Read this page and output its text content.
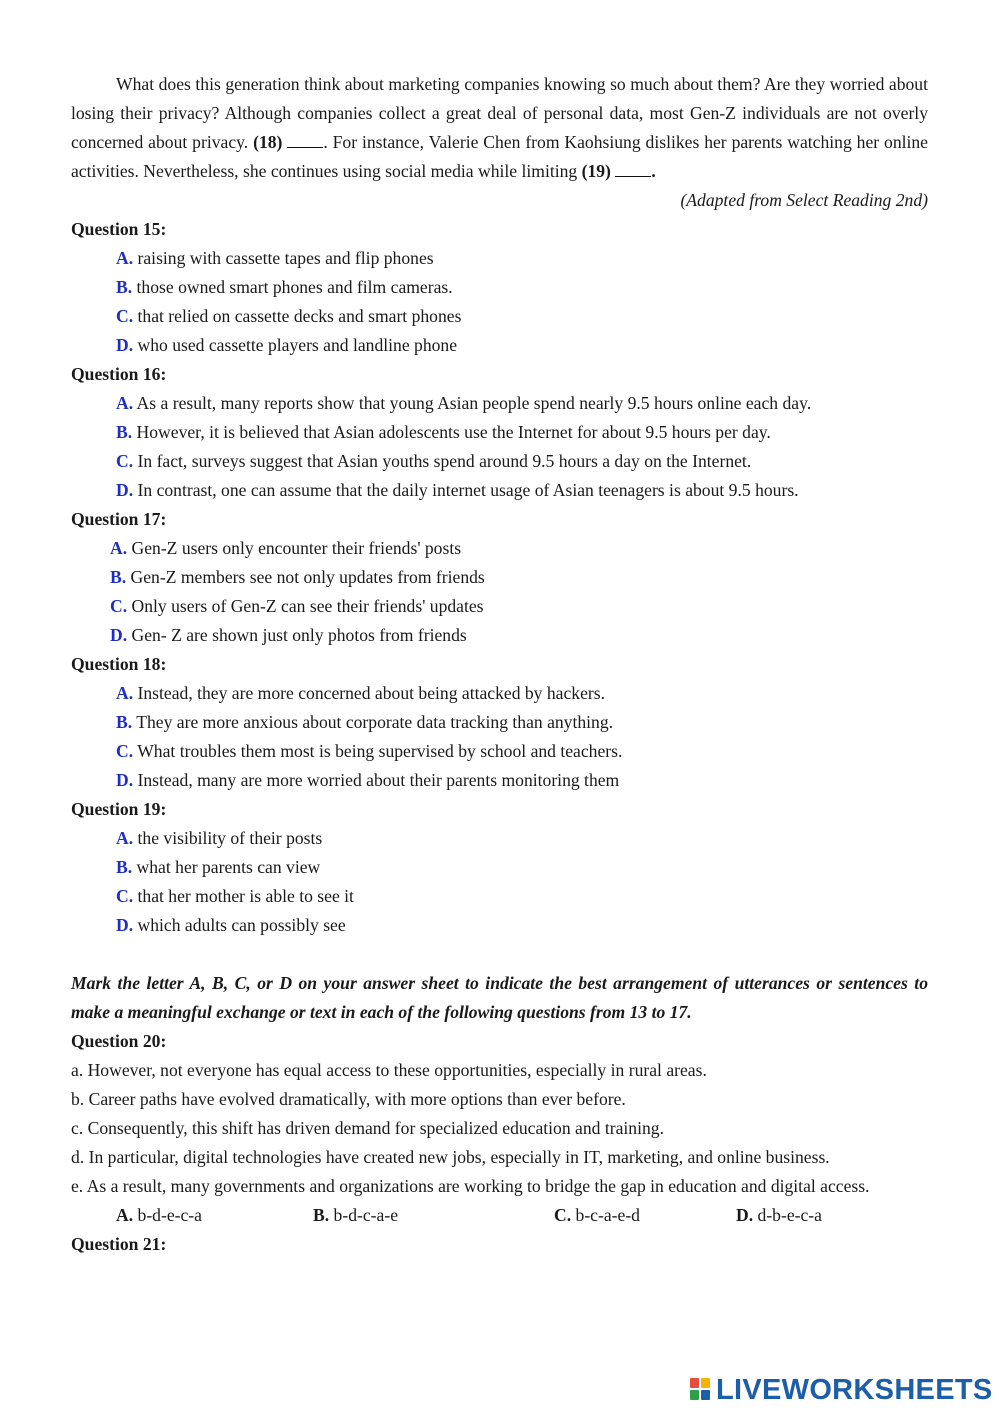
What does this generation think about marketing companies knowing so much about them? Are they worried about losing their privacy? Although companies collect a great deal of personal data, most Gen-Z individuals are not overly concerned about privacy. (18) . For instance, Valerie Chen from Kaohsiung dislikes her parents watching her online activities. Nevertheless, she continues using social media while limiting (19) .

(Adapted from Select Reading 2nd)
Question 15:
A. raising with cassette tapes and flip phones
B. those owned smart phones and film cameras.
C. that relied on cassette decks and smart phones
D. who used cassette players and landline phone
Question 16:
A. As a result, many reports show that young Asian people spend nearly 9.5 hours online each day.
B. However, it is believed that Asian adolescents use the Internet for about 9.5 hours per day.
C. In fact, surveys suggest that Asian youths spend around 9.5 hours a day on the Internet.
D. In contrast, one can assume that the daily internet usage of Asian teenagers is about 9.5 hours.
Question 17:
A. Gen-Z users only encounter their friends' posts
B. Gen-Z members see not only updates from friends
C. Only users of Gen-Z can see their friends' updates
D. Gen- Z are shown just only photos from friends
Question 18:
A. Instead, they are more concerned about being attacked by hackers.
B. They are more anxious about corporate data tracking than anything.
C. What troubles them most is being supervised by school and teachers.
D. Instead, many are more worried about their parents monitoring them
Question 19:
A. the visibility of their posts
B. what her parents can view
C. that her mother is able to see it
D. which adults can possibly see
Mark the letter A, B, C, or D on your answer sheet to indicate the best arrangement of utterances or sentences to make a meaningful exchange or text in each of the following questions from 13 to 17.
Question 20:
a. However, not everyone has equal access to these opportunities, especially in rural areas.
b. Career paths have evolved dramatically, with more options than ever before.
c. Consequently, this shift has driven demand for specialized education and training.
d. In particular, digital technologies have created new jobs, especially in IT, marketing, and online business.
e. As a result, many governments and organizations are working to bridge the gap in education and digital access.
A. b-d-e-c-a	B. b-d-c-a-e	C. b-c-a-e-d	D. d-b-e-c-a
Question 21:
LIVEWORKSHEETS
